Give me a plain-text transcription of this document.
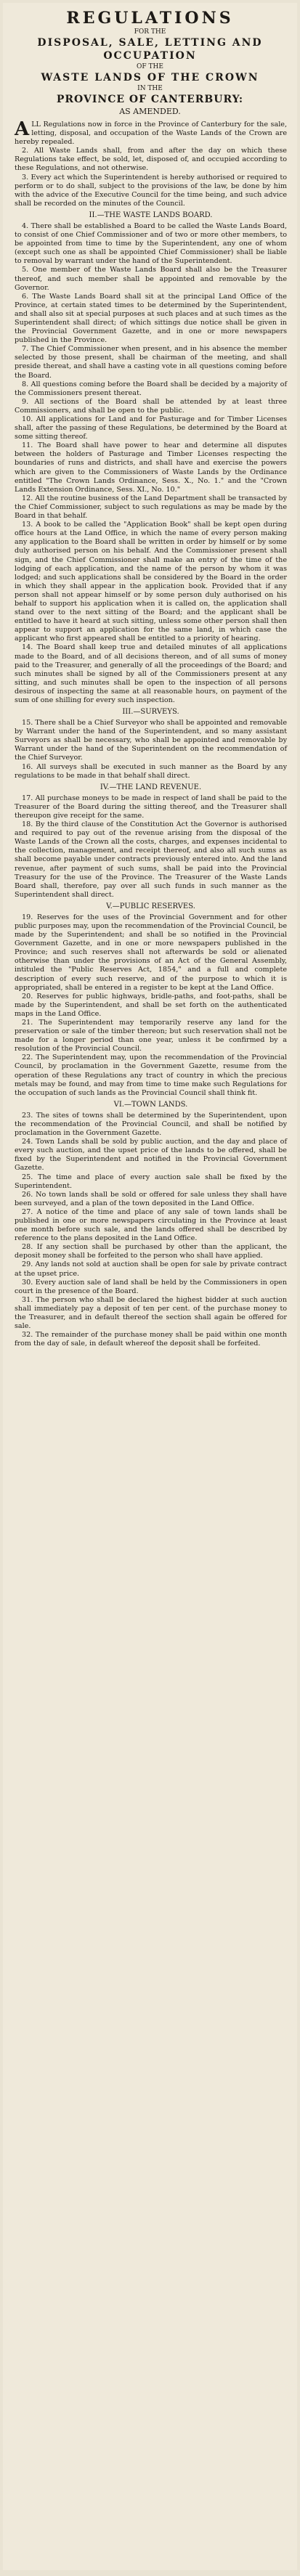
REGULATIONS
FOR THE
DISPOSAL, SALE, LETTING AND
OCCUPATION
OF THE
WASTE LANDS OF THE CROWN
IN THE
PROVINCE OF CANTERBURY:
AS AMENDED.

ALL Regulations now in force in the Province of Canterbury for the sale, letting, disposal, and occupation of the Waste Lands of the Crown are hereby repealed.

2. All Waste Lands shall, from and after the day on which these Regulations take effect, be sold, let, disposed of, and occupied according to these Regulations, and not otherwise.

3. Every act which the Superintendent is hereby authorised or required to perform or to do shall, subject to the provisions of the law, be done by him with the advice of the Executive Council for the time being, and such advice shall be recorded on the minutes of the Council.

II.—THE WASTE LANDS BOARD.

4. There shall be established a Board to be called the Waste Lands Board, to consist of one Chief Commissioner and of two or more other members, to be appointed from time to time by the Superintendent, any one of whom (except such one as shall be appointed Chief Commissioner) shall be liable to removal by warrant under the hand of the Superintendent.

5. One member of the Waste Lands Board shall also be the Treasurer thereof, and such member shall be appointed and removable by the Governor.

6. The Waste Lands Board shall sit at the principal Land Office of the Province, at certain stated times to be determined by the Superintendent, and shall also sit at special purposes at such places and at such times as the Superintendent shall direct; of which sittings due notice shall be given in the Provincial Government Gazette, and in one or more newspapers published in the Province.

7. The Chief Commissioner when present, and in his absence the member selected by those present, shall be chairman of the meeting, and shall preside thereat, and shall have a casting vote in all questions coming before the Board.

8. All questions coming before the Board shall be decided by a majority of the Commissioners present thereat.

9. All sections of the Board shall be attended by at least three Commissioners, and shall be open to the public.

10. All applications for Land and for Pasturage and for Timber Licenses shall, after the passing of these Regulations, be determined by the Board at some sitting thereof.

11. The Board shall have power to hear and determine all disputes between the holders of Pasturage and Timber Licenses respecting the boundaries of runs and districts, and shall have and exercise the powers which are given to the Commissioners of Waste Lands by the Ordinance entitled "The Crown Lands Ordinance, Sess. X., No. 1." and the "Crown Lands Extension Ordinance, Sess. XI., No. 10."

12. All the routine business of the Land Department shall be transacted by the Chief Commissioner, subject to such regulations as may be made by the Board in that behalf.

13. A book to be called the "Application Book" shall be kept open during office hours at the Land Office, in which the name of every person making any application to the Board shall be written in order by himself or by some duly authorised person on his behalf. And the Commissioner present shall sign, and the Chief Commissioner shall make an entry of the time of the lodging of each application, and the name of the person by whom it was lodged; and such applications shall be considered by the Board in the order in which they shall appear in the application book. Provided that if any person shall not appear himself or by some person duly authorised on his behalf to support his application when it is called on, the application shall stand over to the next sitting of the Board; and the applicant shall be entitled to have it heard at such sitting, unless some other person shall then appear to support an application for the same land, in which case the applicant who first appeared shall be entitled to a priority of hearing.

14. The Board shall keep true and detailed minutes of all applications made to the Board, and of all decisions thereon, and of all sums of money paid to the Treasurer, and generally of all the proceedings of the Board; and such minutes shall be signed by all of the Commissioners present at any sitting, and such minutes shall be open to the inspection of all persons desirous of inspecting the same at all reasonable hours, on payment of the sum of one shilling for every such inspection.

III.—SURVEYS.

15. There shall be a Chief Surveyor who shall be appointed and removable by Warrant under the hand of the Superintendent, and so many assistant Surveyors as shall be necessary, who shall be appointed and removable by Warrant under the hand of the Superintendent on the recommendation of the Chief Surveyor.

16. All surveys shall be executed in such manner as the Board by any regulations to be made in that behalf shall direct.

IV.—THE LAND REVENUE.

17. All purchase moneys to be made in respect of land shall be paid to the Treasurer of the Board during the sitting thereof, and the Treasurer shall thereupon give receipt for the same.

18. By the third clause of the Constitution Act the Governor is authorised and required to pay out of the revenue arising from the disposal of the Waste Lands of the Crown all the costs, charges, and expenses incidental to the collection, management, and receipt thereof, and also all such sums as shall become payable under contracts previously entered into. And the land revenue, after payment of such sums, shall be paid into the Provincial Treasury for the use of the Province. The Treasurer of the Waste Lands Board shall, therefore, pay over all such funds in such manner as the Superintendent shall direct.

V.—PUBLIC RESERVES.

19. Reserves for the uses of the Provincial Government and for other public purposes may, upon the recommendation of the Provincial Council, be made by the Superintendent; and shall be so notified in the Provincial Government Gazette, and in one or more newspapers published in the Province; and such reserves shall not afterwards be sold or alienated otherwise than under the provisions of an Act of the General Assembly, intituled the "Public Reserves Act, 1854," and a full and complete description of every such reserve, and of the purpose to which it is appropriated, shall be entered in a register to be kept at the Land Office.

20. Reserves for public highways, bridle-paths, and foot-paths, shall be made by the Superintendent, and shall be set forth on the authenticated maps in the Land Office.

21. The Superintendent may temporarily reserve any land for the preservation or sale of the timber thereon; but such reservation shall not be made for a longer period than one year, unless it be confirmed by a resolution of the Provincial Council.

22. The Superintendent may, upon the recommendation of the Provincial Council, by proclamation in the Government Gazette, resume from the operation of these Regulations any tract of country in which the precious metals may be found, and may from time to time make such Regulations for the occupation of such lands as the Provincial Council shall think fit.

VI.—TOWN LANDS.

23. The sites of towns shall be determined by the Superintendent, upon the recommendation of the Provincial Council, and shall be notified by proclamation in the Government Gazette.

24. Town Lands shall be sold by public auction, and the day and place of every such auction, and the upset price of the lands to be offered, shall be fixed by the Superintendent and notified in the Provincial Government Gazette.

25. The time and place of every auction sale shall be fixed by the Superintendent.

26. No town lands shall be sold or offered for sale unless they shall have been surveyed, and a plan of the town deposited in the Land Office.

27. A notice of the time and place of any sale of town lands shall be published in one or more newspapers circulating in the Province at least one month before such sale, and the lands offered shall be described by reference to the plans deposited in the Land Office.

28. If any section shall be purchased by other than the applicant, the deposit money shall be forfeited to the person who shall have applied.

29. Any lands not sold at auction shall be open for sale by private contract at the upset price.

30. Every auction sale of land shall be held by the Commissioners in open court in the presence of the Board.

31. The person who shall be declared the highest bidder at such auction shall immediately pay a deposit of ten per cent. of the purchase money to the Treasurer, and in default thereof the section shall again be offered for sale.

32. The remainder of the purchase money shall be paid within one month from the day of sale, in default whereof the deposit shall be forfeited.
